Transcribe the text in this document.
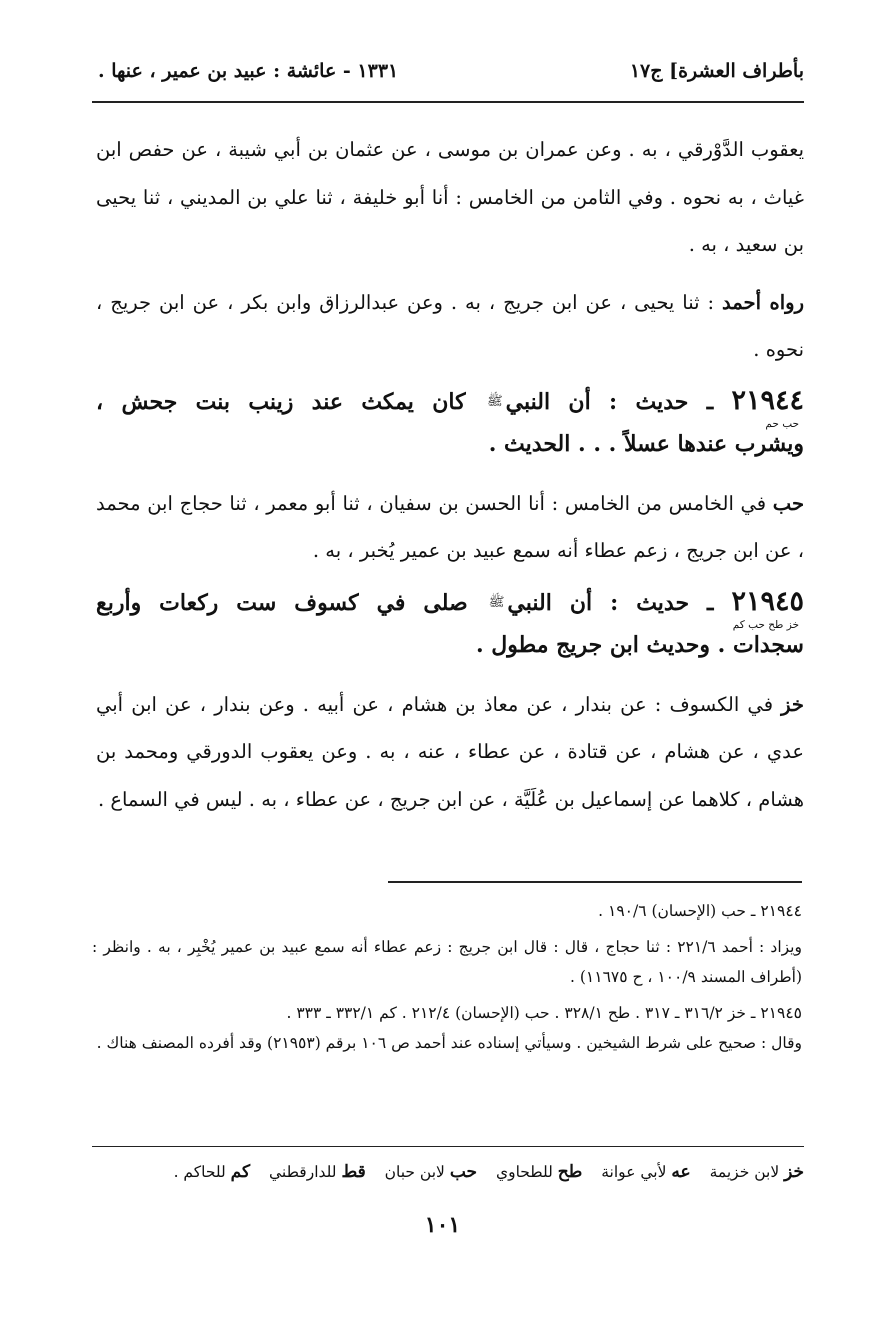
بأطراف العشرة] ج١٧
١٣٣١ - عائشة : عبيد بن عمير ، عنها .

يعقوب الدَّوْرقي ، به . وعن عمران بن موسى ، عن عثمان بن أبي شيبة ، عن حفص ابن غياث ، به نحوه . وفي الثامن من الخامس : أنا أبو خليفة ، ثنا علي بن المديني ، ثنا يحيى بن سعيد ، به .

رواه أحمد : ثنا يحيى ، عن ابن جريج ، به . وعن عبدالرزاق وابن بكر ، عن ابن جريج ، نحوه .

٢١٩٤٤ ـ حديث : أن النبيﷺ كان يمكث عند زينب بنت جحش ،
حب حم
ويشرب عندها عسلاً . . . الحديث .

حب في الخامس من الخامس : أنا الحسن بن سفيان ، ثنا أبو معمر ، ثنا حجاج ابن محمد ، عن ابن جريج ، زعم عطاء أنه سمع عبيد بن عمير يُخبر ، به .

٢١٩٤٥ ـ حديث : أن النبيﷺ صلى في كسوف ست ركعات وأربع
خز طح حب كم
سجدات . وحديث ابن جريج مطول .

خز في الكسوف : عن بندار ، عن معاذ بن هشام ، عن أبيه . وعن بندار ، عن ابن أبي عدي ، عن هشام ، عن قتادة ، عن عطاء ، عنه ، به . وعن يعقوب الدورقي ومحمد بن هشام ، كلاهما عن إسماعيل بن عُلَيَّة ، عن ابن جريج ، عن عطاء ، به . ليس في السماع .

٢١٩٤٤ ـ حب (الإحسان) ١٩٠/٦ .

ويزاد : أحمد ٢٢١/٦ : ثنا حجاج ، قال : قال ابن جريج : زعم عطاء أنه سمع عبيد بن عمير يُخْبِر ، به . وانظر : (أطراف المسند ١٠٠/٩ ، ح ١١٦٧٥) .

٢١٩٤٥ ـ خز ٣١٦/٢ ـ ٣١٧ . طح ٣٢٨/١ . حب (الإحسان) ٢١٢/٤ . كم ٣٣٢/١ ـ ٣٣٣ .

وقال : صحيح على شرط الشيخين . وسيأتي إسناده عند أحمد ص ١٠٦ برقم (٢١٩٥٣) وقد أفرده المصنف هناك .

خز لابن خزيمة عه لأبي عوانة طح للطحاوي حب لابن حبان قط للدارقطني كم للحاكم .
١٠١
